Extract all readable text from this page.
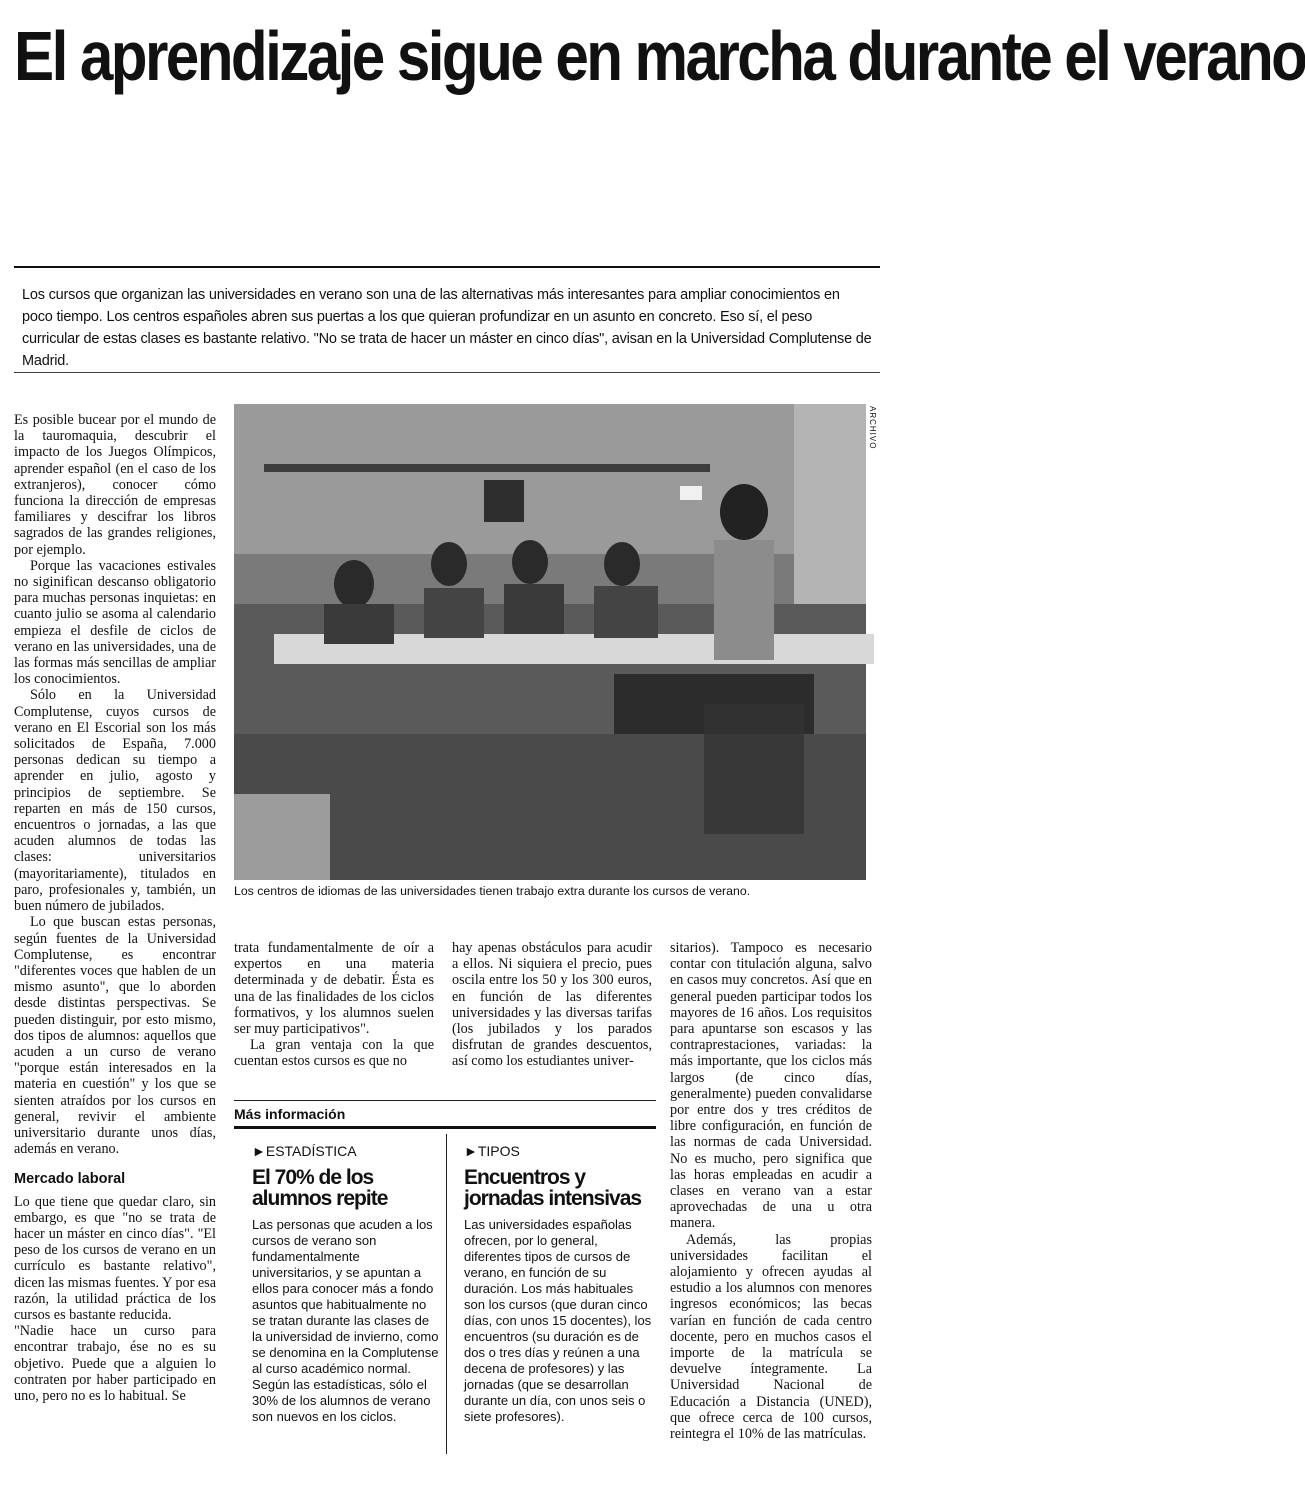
El aprendizaje sigue en marcha durante el verano

Los cursos que organizan las universidades en verano son una de las alternativas más interesantes para ampliar conocimientos en poco tiempo. Los centros españoles abren sus puertas a los que quieran profundizar en un asunto en concreto. Eso sí, el peso curricular de estas clases es bastante relativo. "No se trata de hacer un máster en cinco días", avisan en la Universidad Complutense de Madrid.

Es posible bucear por el mundo de la tauromaquia, descubrir el impacto de los Juegos Olímpicos, aprender español (en el caso de los extranjeros), conocer cómo funciona la dirección de empresas familiares y descifrar los libros sagrados de las grandes religiones, por ejemplo.

Porque las vacaciones estivales no siginifican descanso obligatorio para muchas personas inquietas: en cuanto julio se asoma al calendario empieza el desfile de ciclos de verano en las universidades, una de las formas más sencillas de ampliar los conocimientos.

Sólo en la Universidad Complutense, cuyos cursos de verano en El Escorial son los más solicitados de España, 7.000 personas dedican su tiempo a aprender en julio, agosto y principios de septiembre. Se reparten en más de 150 cursos, encuentros o jornadas, a las que acuden alumnos de todas las clases: universitarios (mayoritariamente), titulados en paro, profesionales y, también, un buen número de jubilados.

Lo que buscan estas personas, según fuentes de la Universidad Complutense, es encontrar "diferentes voces que hablen de un mismo asunto", que lo aborden desde distintas perspectivas. Se pueden distinguir, por esto mismo, dos tipos de alumnos: aquellos que acuden a un curso de verano "porque están interesados en la materia en cuestión" y los que se sienten atraídos por los cursos en general, revivir el ambiente universitario durante unos días, además en verano.

Mercado laboral

Lo que tiene que quedar claro, sin embargo, es que "no se trata de hacer un máster en cinco días". "El peso de los cursos de verano en un currículo es bastante relativo", dicen las mismas fuentes. Y por esa razón, la utilidad práctica de los cursos es bastante reducida.

"Nadie hace un curso para encontrar trabajo, ése no es su objetivo. Puede que a alguien lo contraten por haber participado en uno, pero no es lo habitual. Se

ARCHIVO
Los centros de idiomas de las universidades tienen trabajo extra durante los cursos de verano.

trata fundamentalmente de oír a expertos en una materia determinada y de debatir. Ésta es una de las finalidades de los ciclos formativos, y los alumnos suelen ser muy participativos".

La gran ventaja con la que cuentan estos cursos es que no

hay apenas obstáculos para acudir a ellos. Ni siquiera el precio, pues oscila entre los 50 y los 300 euros, en función de las diferentes universidades y las diversas tarifas (los jubilados y los parados disfrutan de grandes descuentos, así como los estudiantes univer-

sitarios). Tampoco es necesario contar con titulación alguna, salvo en casos muy concretos. Así que en general pueden participar todos los mayores de 16 años. Los requisitos para apuntarse son escasos y las contraprestaciones, variadas: la más importante, que los ciclos más largos (de cinco días, generalmente) pueden convalidarse por entre dos y tres créditos de libre configuración, en función de las normas de cada Universidad. No es mucho, pero significa que las horas empleadas en acudir a clases en verano van a estar aprovechadas de una u otra manera.

Además, las propias universidades facilitan el alojamiento y ofrecen ayudas al estudio a los alumnos con menores ingresos económicos; las becas varían en función de cada centro docente, pero en muchos casos el importe de la matrícula se devuelve íntegramente. La Universidad Nacional de Educación a Distancia (UNED), que ofrece cerca de 100 cursos, reintegra el 10% de las matrículas.

Más información
►ESTADÍSTICA
El 70% de los alumnos repite

Las personas que acuden a los cursos de verano son fundamentalmente universitarios, y se apuntan a ellos para conocer más a fondo asuntos que habitualmente no se tratan durante las clases de la universidad de invierno, como se denomina en la Complutense al curso académico normal. Según las estadísticas, sólo el 30% de los alumnos de verano son nuevos en los ciclos.

►TIPOS
Encuentros y jornadas intensivas

Las universidades españolas ofrecen, por lo general, diferentes tipos de cursos de verano, en función de su duración. Los más habituales son los cursos (que duran cinco días, con unos 15 docentes), los encuentros (su duración es de dos o tres días y reúnen a una decena de profesores) y las jornadas (que se desarrollan durante un día, con unos seis o siete profesores).
